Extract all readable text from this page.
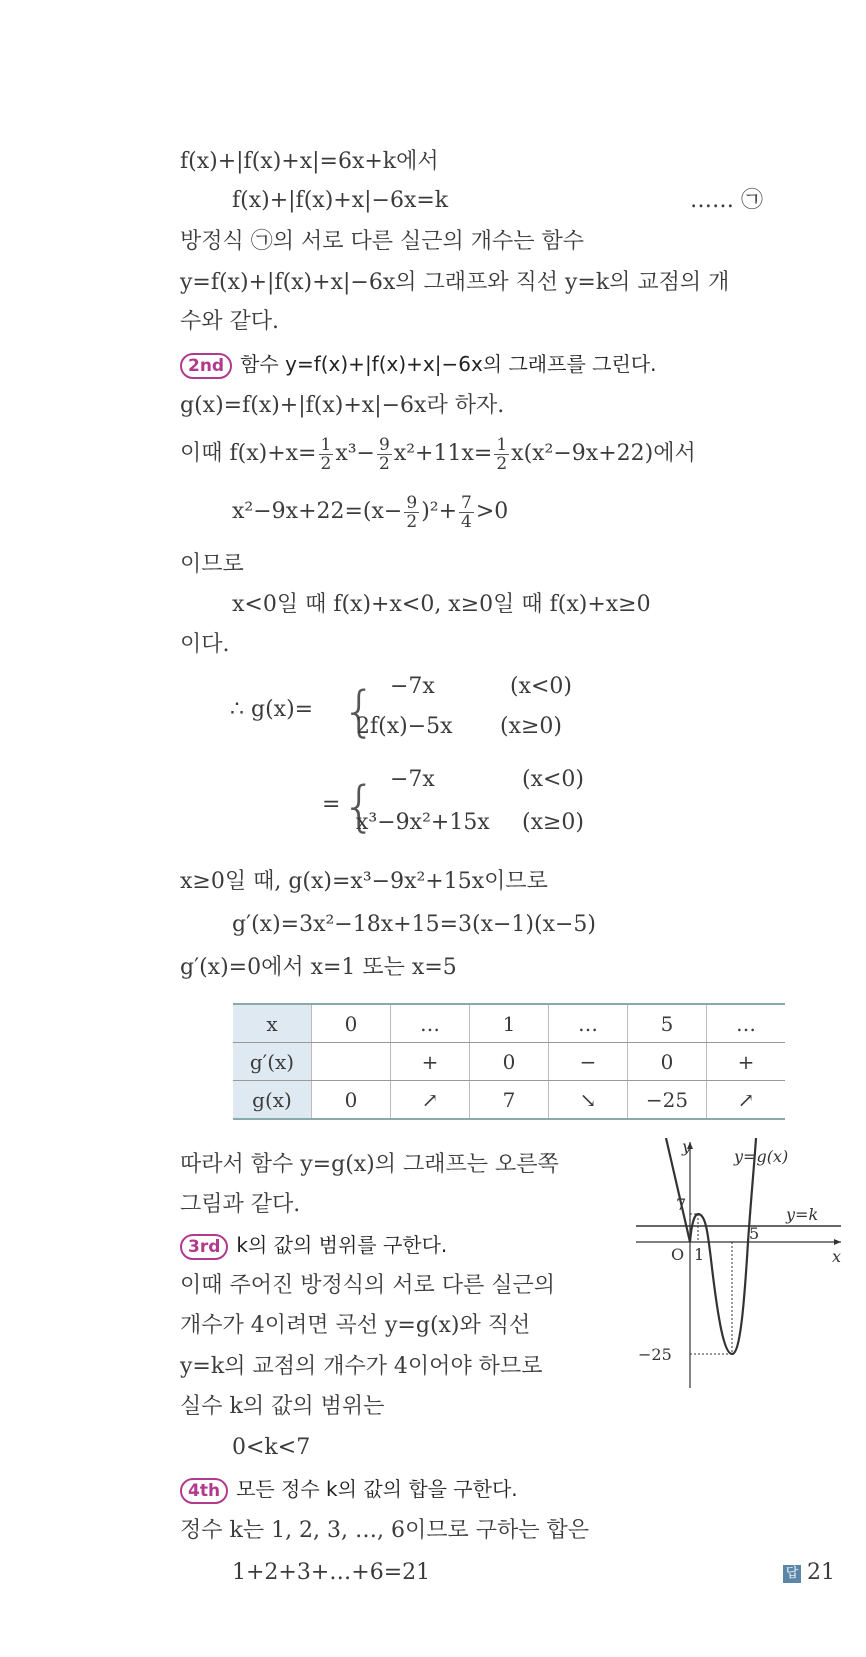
f(x)+|f(x)+x|=6x+k에서
f(x)+|f(x)+x|−6x=k	…… ㉠
방정식 ㉠의 서로 다른 실근의 개수는 함수
y=f(x)+|f(x)+x|−6x의 그래프와 직선 y=k의 교점의 개
수와 같다.
2nd 함수 y=f(x)+|f(x)+x|−6x의 그래프를 그린다.
g(x)=f(x)+|f(x)+x|−6x라 하자.
이때 $f(x)+x= \frac{1}{2} x^3- \frac{9}{2} x^2+11x= \frac{1}{2} x(x^2-9x+22)$에서
$x^2-9x+22=(x- \frac{9}{2} )^2+ \frac{7}{4} >0$
이므로
x<0일 때 f(x)+x<0, x≥0일 때 f(x)+x≥0
이다.
∴ g(x)= { −7x	(x<0)
2f(x)−5x (x≥0)
= { −7x	(x<0)
x³−9x²+15x (x≥0)
x≥0일 때, g(x)=x³−9x²+15x이므로
g′(x)=3x²−18x+15=3(x−1)(x−5)
g′(x)=0에서 x=1 또는 x=5
x	0	…	1	…	5	…
g′(x)		+	0	−	0	+
g(x)	0	↗	7	↘	−25	↗
따라서 함수 y=g(x)의 그래프는 오른쪽
그림과 같다.
3rd k의 값의 범위를 구한다.
이때 주어진 방정식의 서로 다른 실근의
개수가 4이려면 곡선 y=g(x)와 직선
y=k의 교점의 개수가 4이어야 하므로
실수 k의 값의 범위는
0<k<7
4th 모든 정수 k의 값의 합을 구한다.
정수 k는 1, 2, 3, …, 6이므로 구하는 합은
1+2+3+…+6=21	답 21
y
x
O 1
5
7
−25
y=g(x)
y=k
